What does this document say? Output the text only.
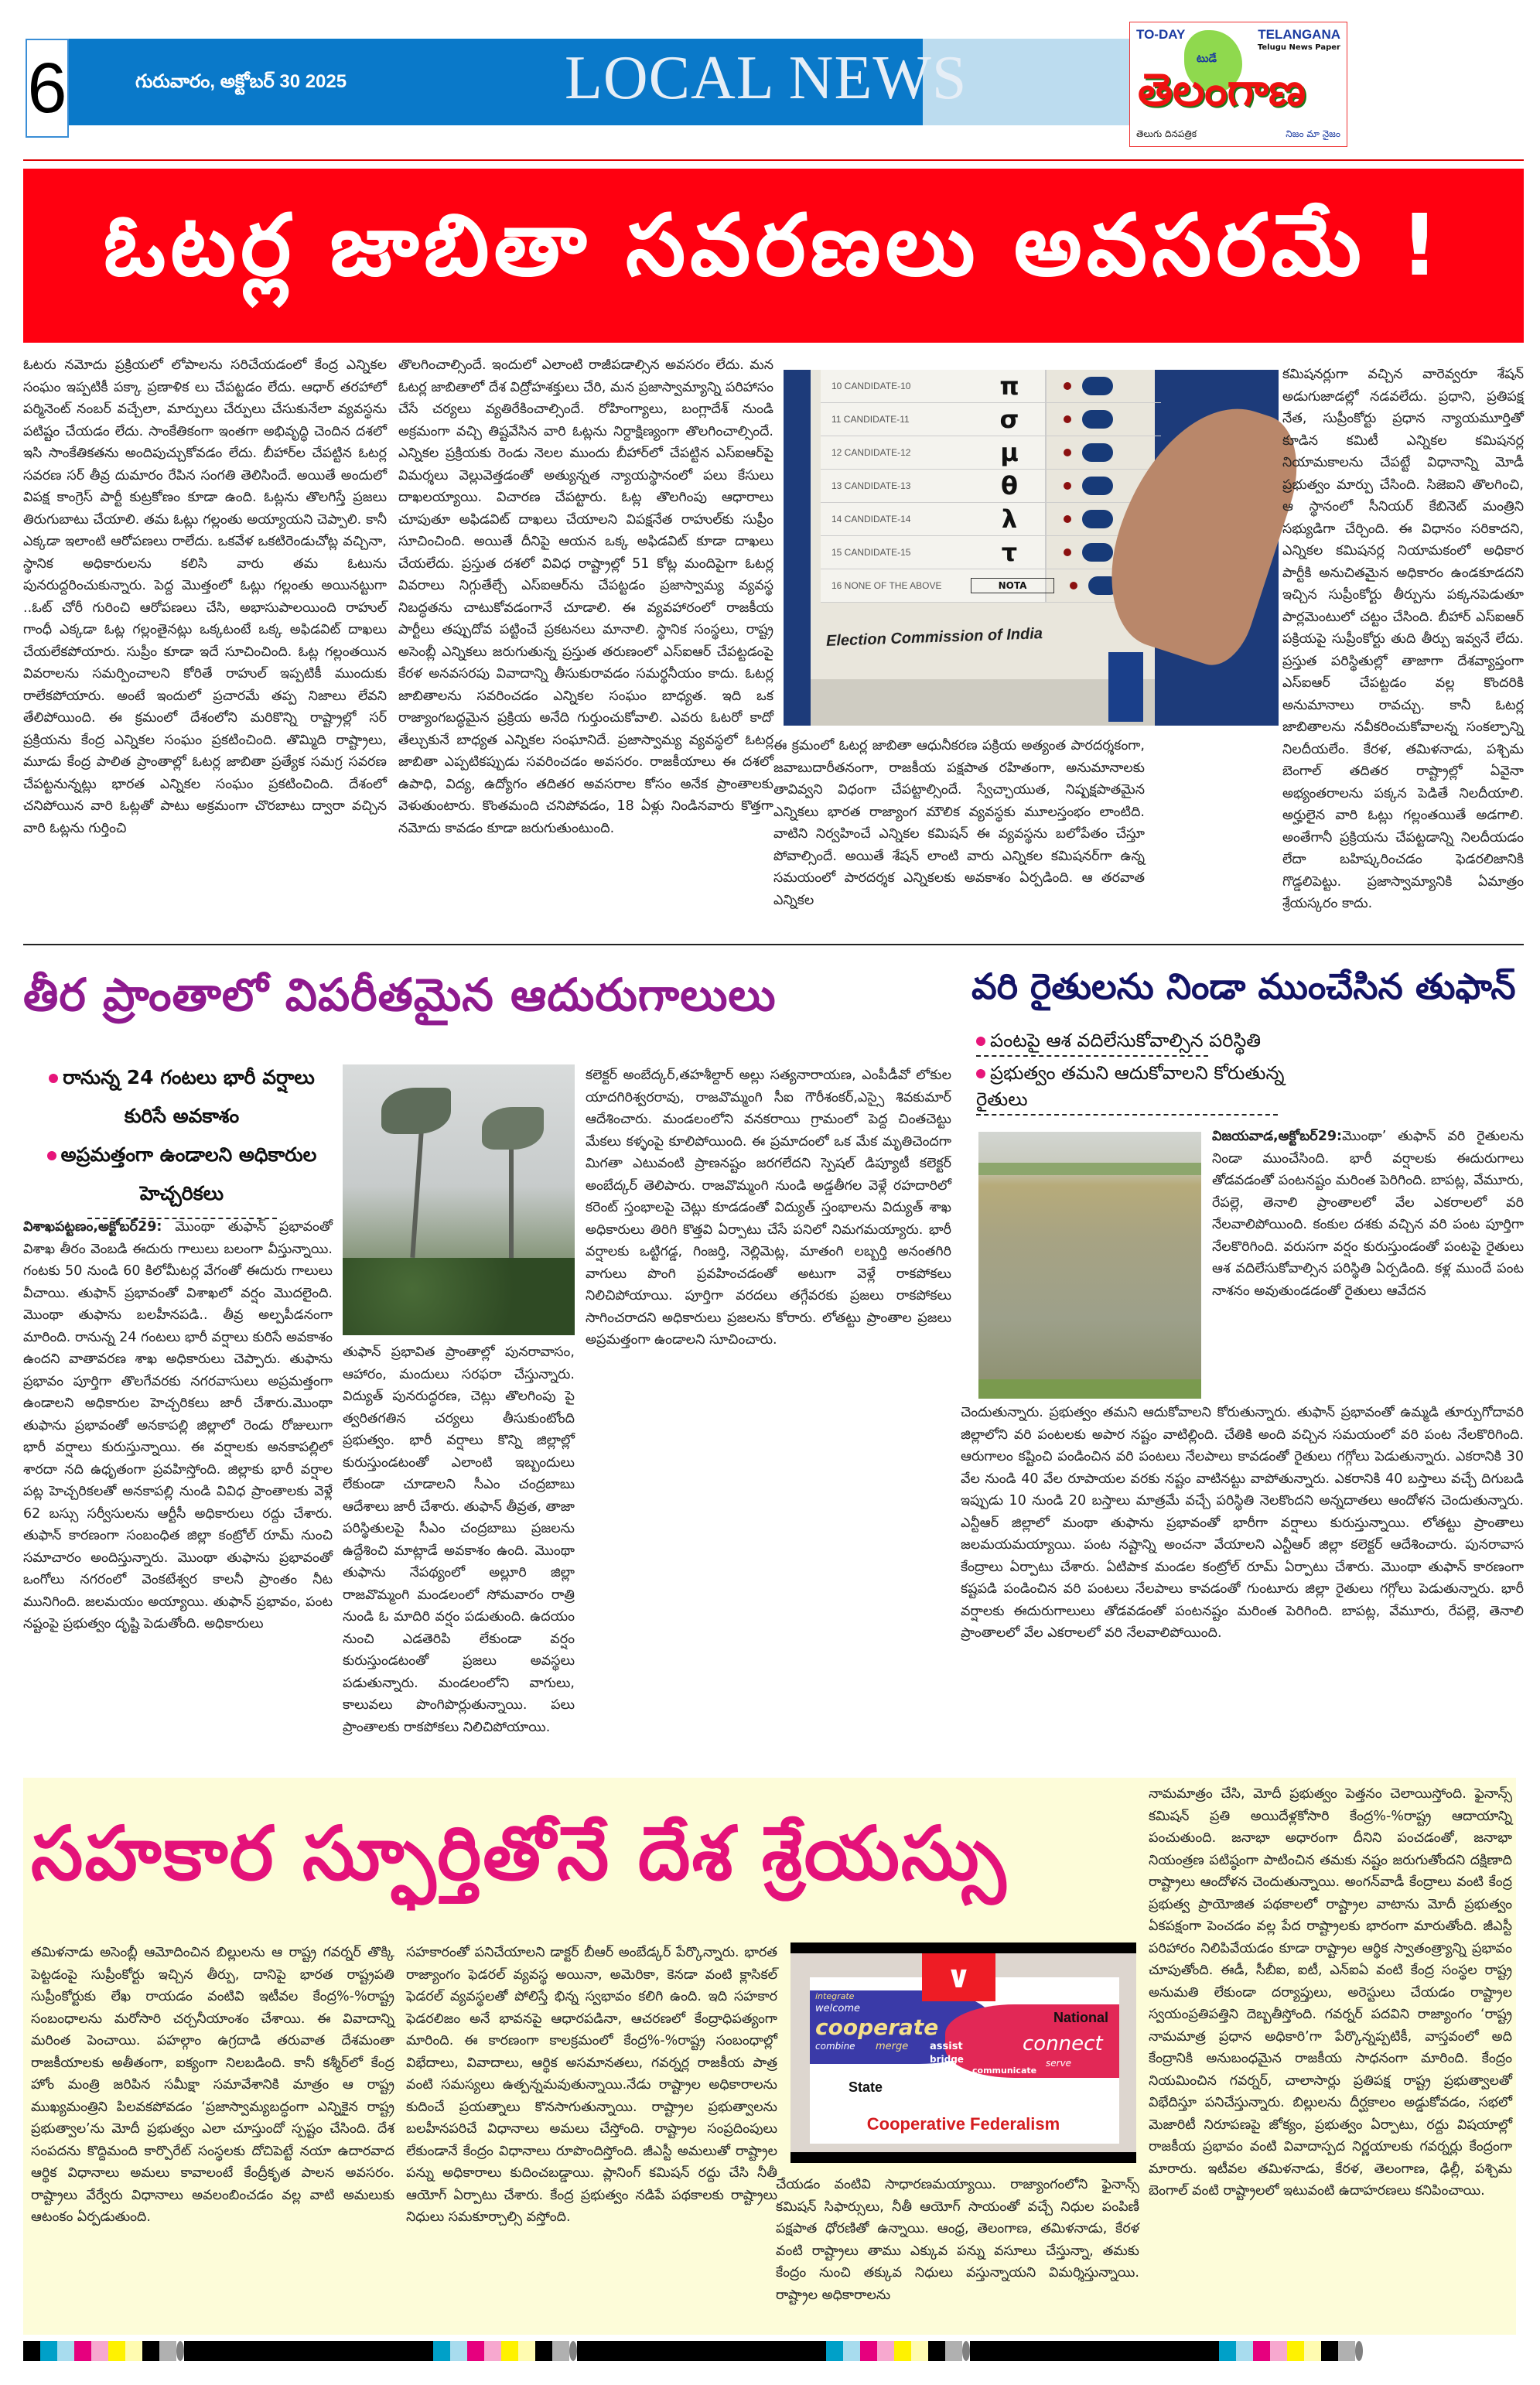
6	గురువారం, అక్టోబర్ 30 2025	LOCAL NEWS
TO-DAY	TELANGANA
Telugu News Paper
టుడే
తెలంగాణ
తెలుగు దినపత్రిక	నిజం మా నైజం
ఓటర్ల జాబితా సవరణలు అవసరమే !

ఓటరు నమోదు ప్రక్రియలో లోపాలను సరిచేయడంలో కేంద్ర ఎన్నికల సంఘం ఇప్పటికీ పక్కా ప్రణాళిక లు చేపట్టడం లేదు. ఆధార్ తరహాలో పర్మినెంట్ నంబర్ వచ్చేలా, మార్పులు చేర్పులు చేసుకునేలా వ్యవస్థను పటిష్టం చేయడం లేదు. సాంకేతికంగా ఇంతగా అభివృద్ధి చెందిన దశలో ఇసి సాంకేతికతను అందిపుచ్చుకోవడం లేదు. బీహార్‌ల చేపట్టిన ఓటర్ల సవరణ సర్ తీవ్ర దుమారం రేపిన సంగతి తెలిసిందే. అయితే అందులో విపక్ష కాంగ్రెస్ పార్టీ కుట్రకోణం కూడా ఉంది. ఓట్లను తొలగిస్తే ప్రజలు తిరుగుబాటు చేయాలి. తమ ఓట్లు గల్లంతు అయ్యాయని చెప్పాలి. కానీ ఎక్కడా ఇలాంటి ఆరోపణలు రాలేదు. ఒకవేళ ఒకటిరెండుచోట్ల వచ్చినా, స్థానిక అధికారులను కలిసి వారు తమ ఓటును పునరుద్దరించుకున్నారు. పెద్ద మొత్తంలో ఓట్లు గల్లంతు అయినట్టుగా ..ఓట్ చోరీ గురించి ఆరోపణలు చేసి, అభాసుపాలయింది రాహుల్ గాంధీ ఎక్కడా ఓట్ల గల్లంతైనట్లు ఒక్కటంటే ఒక్క అఫిడవిట్ దాఖలు చేయలేకపోయారు. సుప్రీం కూడా ఇదే సూచించింది. ఓట్ల గల్లంతయిన వివరాలను సమర్పించాలని కోరితే రాహుల్ ఇప్పటికీ ముందుకు రాలేకపోయారు. అంటే ఇందులో ప్రచారమే తప్ప నిజాలు లేవని తేలిపోయింది. ఈ క్రమంలో దేశంలోని మరికొన్ని రాష్ట్రాల్లో సర్ ప్రక్రియను కేంద్ర ఎన్నికల సంఘం ప్రకటించింది. తొమ్మిది రాష్ట్రాలు, మూడు కేంద్ర పాలిత ప్రాంతాల్లో ఓటర్ల జాబితా ప్రత్యేక సమగ్ర సవరణ చేపట్టనున్నట్లు భారత ఎన్నికల సంఘం ప్రకటించింది. దేశంలో చనిపోయిన వారి ఓట్లతో పాటు అక్రమంగా చొరబాటు ద్వారా వచ్చిన వారి ఓట్లను గుర్తించి

తొలగించాల్సిందే. ఇందులో ఎలాంటి రాజీపడాల్సిన అవసరం లేదు. మన ఓటర్ల జాబితాలో దేశ విద్రోహశక్తులు చేరి, మన ప్రజాస్వామ్యాన్ని పరిహాసం చేసే చర్యలు వ్యతిరేకించాల్సిందే. రోహింగ్యాలు, బంగ్లాదేశ్ నుండి అక్రమంగా వచ్చి తిష్టవేసిన వారి ఓట్లను నిర్దాక్షిణ్యంగా తొలగించాల్సిందే. ఎన్నికల ప్రక్రియకు రెండు నెలల ముందు బీహార్‌లో చేపట్టిన ఎస్‌ఐఆర్‌పై విమర్శలు వెల్లువెత్తడంతో అత్యున్నత న్యాయస్థానంలో పలు కేసులు దాఖలయ్యాయి. విచారణ చేపట్టారు. ఓట్ల తొలగింపు ఆధారాలు చూపుతూ అఫిడవిట్ దాఖలు చేయాలని విపక్షనేత రాహుల్‌కు సుప్రీం సూచించింది. అయితే దీనిపై ఆయన ఒక్క అఫిడవిట్ కూడా దాఖలు చేయలేదు. ప్రస్తుత దశలో వివిధ రాష్ట్రాల్లో 51 కోట్ల మందిపైగా ఓటర్ల వివరాలు నిగ్గుతేల్చే ఎస్‌ఐఆర్‌ను చేపట్టడం ప్రజాస్వామ్య వ్యవస్థ నిబద్ధతను చాటుకోవడంగానే చూడాలి. ఈ వ్యవహారంలో రాజకీయ పార్టీలు తప్పుదోవ పట్టించే ప్రకటనలు మానాలి. స్థానిక సంస్థలు, రాష్ట్ర అసెంబ్లీ ఎన్నికలు జరుగుతున్న ప్రస్తుత తరుణంలో ఎస్‌ఐఆర్ చేపట్టడంపై కేరళ అనవసరపు వివాదాన్ని తీసుకురావడం సమర్థనీయం కాదు. ఓటర్ల జాబితాలను సవరించడం ఎన్నికల సంఘం బాధ్యత. ఇది ఒక రాజ్యాంగబద్ధమైన ప్రక్రియ అనేది గుర్తుంచుకోవాలి. ఎవరు ఓటరో కాదో తేల్చుకునే బాధ్యత ఎన్నికల సంఘానిదే. ప్రజాస్వామ్య వ్యవస్థలో ఓటర్ల జాబితా ఎప్పటికప్పుడు సవరించడం అవసరం. రాజకీయాలు ఈ దశలో ఉపాధి, విద్య, ఉద్యోగం తదితర అవసరాల కోసం అనేక ప్రాంతాలకు వెళుతుంటారు. కొంతమంది చనిపోవడం, 18 ఏళ్లు నిండినవారు కొత్తగా నమోదు కావడం కూడా జరుగుతుంటుంది.

10 CANDIDATE-10	π
11 CANDIDATE-11	σ
12 CANDIDATE-12	μ
13 CANDIDATE-13	θ
14 CANDIDATE-14	λ
15 CANDIDATE-15	τ
16 NONE OF THE ABOVE	NOTA
Election Commission of India

ఈ క్రమంలో ఓటర్ల జాబితా ఆధునీకరణ పక్రియ అత్యంత పారదర్శకంగా, జవాబుదారీతనంగా, రాజకీయ పక్షపాత రహితంగా, అనుమానాలకు తావివ్వని విధంగా చేపట్టాల్సిందే. స్వేచ్ఛాయుత, నిష్పక్షపాతమైన ఎన్నికలు భారత రాజ్యాంగ మౌలిక వ్యవస్థకు మూలస్తంభం లాంటిది. వాటిని నిర్వహించే ఎన్నికల కమిషన్ ఈ వ్యవస్థను బలోపేతం చేస్తూ పోవాల్సిందే. అయితే శేషన్ లాంటి వారు ఎన్నికల కమిషనర్‌గా ఉన్న సమయంలో పారదర్శక ఎన్నికలకు అవకాశం ఏర్పడింది. ఆ తరవాత ఎన్నికల

కమిషనర్లుగా వచ్చిన వారెవ్వరూ శేషన్ అడుగుజాడల్లో నడవలేదు. ప్రధాని, ప్రతిపక్ష నేత, సుప్రీంకోర్టు ప్రధాన న్యాయమూర్తితో కూడిన కమిటీ ఎన్నికల కమిషనర్ల నియామకాలను చేపట్టే విధానాన్ని మోడీ ప్రభుత్వం మార్పు చేసింది. సిజెఐని తొలగించి, ఆ స్థానంలో సీనియర్ కేబినెట్ మంత్రిని సభ్యుడిగా చేర్చింది. ఈ విధానం సరికాదని, ఎన్నికల కమిషనర్ల నియామకంలో అధికార పార్టీకి అనుచితమైన అధికారం ఉండకూడదని ఇచ్చిన సుప్రీంకోర్టు తీర్పును పక్కనపెడుతూ పార్లమెంటులో చట్టం చేసింది. బీహార్ ఎస్‌ఐఆర్ పక్రియపై సుప్రీంకోర్టు తుది తీర్పు ఇవ్వనే లేదు. ప్రస్తుత పరిస్థితుల్లో తాజాగా దేశవ్యాప్తంగా ఎస్‌ఐఆర్ చేపట్టడం వల్ల కొందరికి అనుమానాలు రావచ్చు. కానీ ఓటర్ల జాబితాలను నవీకరించుకోవాలన్న సంకల్పాన్ని నిలదీయలేం. కేరళ, తమిళనాడు, పశ్చిమ బెంగాల్ తదితర రాష్ట్రాల్లో ఏవైనా అభ్యంతరాలను పక్కన పెడితే నిలదీయాలి. అర్హులైన వారి ఓట్లు గల్లంతయితే అడగాలి. అంతేగానీ ప్రక్రియను చేపట్టడాన్ని నిలదీయడం లేదా బహిష్కరించడం ఫెడరలిజానికి గొడ్డలిపెట్టు. ప్రజాస్వామ్యానికి ఏమాత్రం శ్రేయస్కరం కాదు.

తీర ప్రాంతాలో విపరీతమైన ఆదురుగాలులు
రానున్న 24 గంటలు భారీ వర్షాలు కురిసే అవకాశం
అప్రమత్తంగా ఉండాలని అధికారుల హెచ్చరికలు

విశాఖపట్టణం,అక్టోబర్29: మొంథా తుఫాన్ ప్రభావంతో విశాఖ తీరం వెంబడి ఈదురు గాలులు బలంగా వీస్తున్నాయి. గంటకు 50 నుండి 60 కిలోమీటర్ల వేగంతో ఈదురు గాలులు వీచాయి. తుఫాన్ ప్రభావంతో విశాఖలో వర్షం మొదలైంది. మొంథా తుఫాను బలహీనపడి.. తీవ్ర అల్పపీడనంగా మారింది. రానున్న 24 గంటలు భారీ వర్షాలు కురిసే అవకాశం ఉందని వాతావరణ శాఖ అధికారులు చెప్పారు. తుఫాను ప్రభావం పూర్తిగా తొలగేవరకు నగరవాసులు అప్రమత్తంగా ఉండాలని అధికారుల హెచ్చరికలు జారీ చేశారు.మొంథా తుఫాను ప్రభావంతో అనకాపల్లి జిల్లాలో రెండు రోజులుగా భారీ వర్షాలు కురుస్తున్నాయి. ఈ వర్షాలకు అనకాపల్లిలో శారదా నది ఉధృతంగా ప్రవహిస్తోంది. జిల్లాకు భారీ వర్షాల పట్ల హెచ్చరికలతో అనకాపల్లి నుండి వివిధ ప్రాంతాలకు వెళ్లే 62 బస్సు సర్వీసులను ఆర్టీసీ అధికారులు రద్దు చేశారు. తుఫాన్ కారణంగా సంబంధిత జిల్లా కంట్రోల్ రూమ్ నుంచి సమాచారం అందిస్తున్నారు. మొంథా తుఫాను ప్రభావంతో ఒంగోలు నగరంలో వెంకటేశ్వర కాలనీ ప్రాంతం నీట మునిగింది. జలమయం అయ్యాయి. తుఫాన్ ప్రభావం, పంట నష్టంపై ప్రభుత్వం దృష్టి పెడుతోంది. అధికారులు

తుఫాన్ ప్రభావిత ప్రాంతాల్లో పునరావాసం, ఆహారం, మందులు సరఫరా చేస్తున్నారు. విద్యుత్ పునరుద్ధరణ, చెట్లు తొలగింపు పై త్వరితగతిన చర్యలు తీసుకుంటోంది ప్రభుత్వం. భారీ వర్షాలు కొన్ని జిల్లాల్లో కురుస్తుండటంతో ఎలాంటి ఇబ్బందులు లేకుండా చూడాలని సీఎం చంద్రబాబు ఆదేశాలు జారీ చేశారు. తుఫాన్ తీవ్రత, తాజా పరిస్థితులపై సీఎం చంద్రబాబు ప్రజలను ఉద్దేశించి మాట్లాడే అవకాశం ఉంది. మొంథా తుఫాను నేపథ్యంలో అల్లూరి జిల్లా రాజవొమ్మంగి మండలంలో సోమవారం రాత్రి నుండి ఓ మాదిరి వర్షం పడుతుంది. ఉదయం నుంచి ఎడతెరిపి లేకుండా వర్షం కురుస్తుండటంతో ప్రజలు అవస్థలు పడుతున్నారు. మండలంలోని వాగులు, కాలువలు పొంగిపొర్లుతున్నాయి. పలు ప్రాంతాలకు రాకపోకలు నిలిచిపోయాయి.

కలెక్టర్ అంబేద్కర్,తహశీల్దార్ అల్లు సత్యనారాయణ, ఎంపీడీవో లోకుల యాదగిరిశ్వరరావు, రాజవొమ్మంగి సీఐ గౌరీశంకర్,ఎస్సై శివకుమార్ ఆదేశించారు. మండలంలోని వనకరాయి గ్రామంలో పెద్ద చింతచెట్టు మేకలు కళ్ళంపై కూలిపోయింది. ఈ ప్రమాదంలో ఒక మేక మృతిచెందగా మిగతా ఎటువంటి ప్రాణనష్టం జరగలేదని స్పెషల్ డిప్యూటీ కలెక్టర్ అంబేద్కర్ తెలిపారు. రాజవొమ్మంగి నుండి అడ్డతీగల వెళ్లే రహదారిలో కరెంట్ స్తంభాలపై చెట్లు కూడడంతో విద్యుత్ స్తంభాలను విద్యుత్ శాఖ అధికారులు తిరిగి కొత్తవి ఏర్పాటు చేసే పనిలో నిమగమయ్యారు. భారీ వర్షాలకు ఒట్టిగడ్డ, గింజర్తి, నెల్లిమెట్ల, మాతంగి లబ్బర్తి అనంతగిరి వాగులు పొంగి ప్రవహించడంతో అటుగా వెళ్లే రాకపోకలు నిలిచిపోయాయి. పూర్తిగా వరదలు తగ్గేవరకు ప్రజలు రాకపోకలు సాగించరాదని అధికారులు ప్రజలను కోరారు. లోతట్టు ప్రాంతాల ప్రజలు అప్రమత్తంగా ఉండాలని సూచించారు.

వరి రైతులను నిండా ముంచేసిన తుఫాన్
పంటపై ఆశ వదిలేసుకోవాల్సిన పరిస్థితి
ప్రభుత్వం తమని ఆదుకోవాలని కోరుతున్న రైతులు

విజయవాడ,అక్టోబర్29:మొంథా’ తుఫాన్ వరి రైతులను నిండా ముంచేసింది. భారీ వర్షాలకు ఈదురుగాలు తోడవడంతో పంటనష్టం మరింత పెరిగింది. బాపట్ల, వేమూరు, రేపల్లె, తెనాలి ప్రాంతాలలో వేల ఎకరాలలో వరి నేలవాలిపోయింది. కంకుల దశకు వచ్చిన వరి పంట పూర్తిగా నేలకొరిగింది. వరుసగా వర్షం కురుస్తుండంతో పంటపై రైతులు ఆశ వదిలేసుకోవాల్సిన పరిస్థితి ఏర్పడింది. కళ్ల ముందే పంట నాశనం అవుతుండడంతో రైతులు ఆవేదన

చెందుతున్నారు. ప్రభుత్వం తమని ఆదుకోవాలని కోరుతున్నారు. తుఫాన్ ప్రభావంతో ఉమ్మడి తూర్పుగోదావరి జిల్లాలోని వరి పంటలకు అపార నష్టం వాటిల్లింది. చేతికి అంది వచ్చిన సమయంలో వరి పంట నేలకొరిగింది. ఆరుగాలం కష్టించి పండించిన వరి పంటలు నేలపాలు కావడంతో రైతులు గగ్గోలు పెడుతున్నారు. ఎకరానికి 30 వేల నుండి 40 వేల రూపాయల వరకు నష్టం వాటినట్టు వాపోతున్నారు. ఎకరానికి 40 బస్తాలు వచ్చే దిగుబడి ఇప్పుడు 10 నుండి 20 బస్తాలు మాత్రమే వచ్చే పరిస్థితి నెలకొందని అన్నదాతలు ఆందోళన చెందుతున్నారు. ఎన్టీఆర్ జిల్లాలో మంథా తుఫాను ప్రభావంతో భారీగా వర్షాలు కురుస్తున్నాయి. లోతట్టు ప్రాంతాలు జలమయమయ్యాయి. పంట నష్టాన్ని అంచనా వేయాలని ఎన్టీఆర్ జిల్లా కలెక్టర్ ఆదేశించారు. పునరావాస కేంద్రాలు ఏర్పాటు చేశారు. ఏటిపాక మండల కంట్రోల్ రూమ్ ఏర్పాటు చేశారు. మొంథా తుఫాన్ కారణంగా కష్టపడి పండించిన వరి పంటలు నేలపాలు కావడంతో గుంటూరు జిల్లా రైతులు గగ్గోలు పెడుతున్నారు. భారీ వర్షాలకు ఈదురుగాలులు తోడవడంతో పంటనష్టం మరింత పెరిగింది. బాపట్ల, వేమూరు, రేపల్లె, తెనాలి ప్రాంతాలలో వేల ఎకరాలలో వరి నేలవాలిపోయింది.

సహకార స్ఫూర్తితోనే దేశ శ్రేయస్సు

తమిళనాడు అసెంబ్లీ ఆమోదించిన బిల్లులను ఆ రాష్ట్ర గవర్నర్ తొక్కి పెట్టడంపై సుప్రీంకోర్టు ఇచ్చిన తీర్పు, దానిపై భారత రాష్ట్రపతి సుప్రీంకోర్టుకు లేఖ రాయడం వంటివి ఇటీవల కేంద్ర%-%రాష్ట్ర సంబంధాలను మరోసారి చర్చనీయాంశం చేశాయి. ఈ వివాదాన్ని మరింత పెంచాయి. పహల్గాం ఉగ్రదాడి తరువాత దేశమంతా రాజకీయాలకు అతీతంగా, ఐక్యంగా నిలబడింది. కానీ కశ్మీర్‌లో కేంద్ర హోం మంత్రి జరిపిన సమీక్షా సమావేశానికి మాత్రం ఆ రాష్ట్ర ముఖ్యమంత్రిని పిలవకపోవడం ‘ప్రజాస్వామ్యబద్ధంగా ఎన్నికైన రాష్ట్ర ప్రభుత్వాల’ను మోదీ ప్రభుత్వం ఎలా చూస్తుందో స్పష్టం చేసింది. దేశ సంపదను కొద్దిమంది కార్పొరేట్ సంస్థలకు దోచిపెట్టే నయా ఉదారవాద ఆర్థిక విధానాలు అమలు కావాలంటే కేంద్రీకృత పాలన అవసరం. రాష్ట్రాలు వేర్వేరు విధానాలు అవలంబించడం వల్ల వాటి అమలుకు ఆటంకం ఏర్పడుతుంది.

సహకారంతో పనిచేయాలని డాక్టర్ బీఆర్ అంబేడ్కర్ పేర్కొన్నారు. భారత రాజ్యాంగం ఫెడరల్ వ్యవస్థ అయినా, అమెరికా, కెనడా వంటి క్లాసికల్ ఫెడరల్ వ్యవస్థలతో పోలిస్తే భిన్న స్వభావం కలిగి ఉంది. ఇది సహకార ఫెడరలిజం అనే భావనపై ఆధారపడినా, ఆచరణలో కేంద్రాధిపత్యంగా మారింది. ఈ కారణంగా కాలక్రమంలో కేంద్ర%-%రాష్ట్ర సంబంధాల్లో విభేదాలు, వివాదాలు, ఆర్థిక అసమానతలు, గవర్నర్ల రాజకీయ పాత్ర వంటి సమస్యలు ఉత్పన్నమవుతున్నాయి.నేడు రాష్ట్రాల అధికారాలను కుదించే ప్రయత్నాలు కొనసాగుతున్నాయి. రాష్ట్రాల ప్రభుత్వాలను బలహీనపరిచే విధానాలు అమలు చేస్తోంది. రాష్ట్రాల సంప్రదింపులు లేకుండానే కేంద్రం విధానాలు రూపొందిస్తోంది. జీఎస్టీ అమలుతో రాష్ట్రాల పన్ను అధికారాలు కుదించబడ్డాయి. ప్లానింగ్ కమిషన్ రద్దు చేసి నీతీ ఆయోగ్ ఏర్పాటు చేశారు. కేంద్ర ప్రభుత్వం నడిపే పథకాలకు రాష్ట్రాలు నిధులు సమకూర్చాల్సి వస్తోంది.

∨
integrate
welcome
cooperate
combine merge assist
bridge
communicate
connect
serve
National
State
Cooperative Federalism

చేయడం వంటివి సాధారణమయ్యాయి. రాజ్యాంగంలోని ఫైనాన్స్ కమిషన్ సిఫార్సులు, నీతీ ఆయోగ్ సాయంతో వచ్చే నిధుల పంపిణీ పక్షపాత ధోరణితో ఉన్నాయి. ఆంధ్ర, తెలంగాణ, తమిళనాడు, కేరళ వంటి రాష్ట్రాలు తాము ఎక్కువ పన్ను వసూలు చేస్తున్నా, తమకు కేంద్రం నుంచి తక్కువ నిధులు వస్తున్నాయని విమర్శిస్తున్నాయి. రాష్ట్రాల అధికారాలను

నామమాత్రం చేసి, మోదీ ప్రభుత్వం పెత్తనం చెలాయిస్తోంది. ఫైనాన్స్ కమిషన్ ప్రతి అయిదేళ్లకోసారి కేంద్ర%-%రాష్ట్ర ఆదాయాన్ని పంచుతుంది. జనాభా అధారంగా దీనిని పంచడంతో, జనాభా నియంత్రణ పటిష్ఠంగా పాటించిన తమకు నష్టం జరుగుతోందని దక్షిణాది రాష్ట్రాలు ఆందోళన చెందుతున్నాయి. అంగన్‌వాడీ కేంద్రాలు వంటి కేంద్ర ప్రభుత్వ ప్రాయోజిత పథకాలలో రాష్ట్రాల వాటాను మోదీ ప్రభుత్వం ఏకపక్షంగా పెంచడం వల్ల పేద రాష్ట్రాలకు భారంగా మారుతోంది. జీఎస్టీ పరిహారం నిలిపివేయడం కూడా రాష్ట్రాల ఆర్థిక స్వాతంత్ర్యాన్ని ప్రభావం చూపుతోంది. ఈడీ, సీబీఐ, ఐటీ, ఎన్ఐఏ వంటి కేంద్ర సంస్థల రాష్ట్ర అనుమతి లేకుండా దర్యాప్తులు, అరెస్టులు చేయడం రాష్ట్రాల స్వయంప్రతిపత్తిని దెబ్బతీస్తోంది. గవర్నర్ పదవిని రాజ్యాంగం ‘రాష్ట్ర నామమాత్ర ప్రధాన అధికారి’గా పేర్కొన్నప్పటికీ, వాస్తవంలో అది కేంద్రానికి అనుబంధమైన రాజకీయ సాధనంగా మారింది. కేంద్రం నియమించిన గవర్నర్, చాలాసార్లు ప్రతిపక్ష రాష్ట్ర ప్రభుత్వాలతో విభేదిస్తూ పనిచేస్తున్నారు. బిల్లులను దీర్ఘకాలం అడ్డుకోవడం, సభలో మెజారిటీ నిరూపణపై జోక్యం, ప్రభుత్వం ఏర్పాటు, రద్దు విషయాల్లో రాజకీయ ప్రభావం వంటి వివాదాస్పద నిర్ణయాలకు గవర్నర్లు కేంద్రంగా మారారు. ఇటీవల తమిళనాడు, కేరళ, తెలంగాణ, ఢిల్లీ, పశ్చిమ బెంగాల్ వంటి రాష్ట్రాలలో ఇటువంటి ఉదాహరణలు కనిపించాయి.
